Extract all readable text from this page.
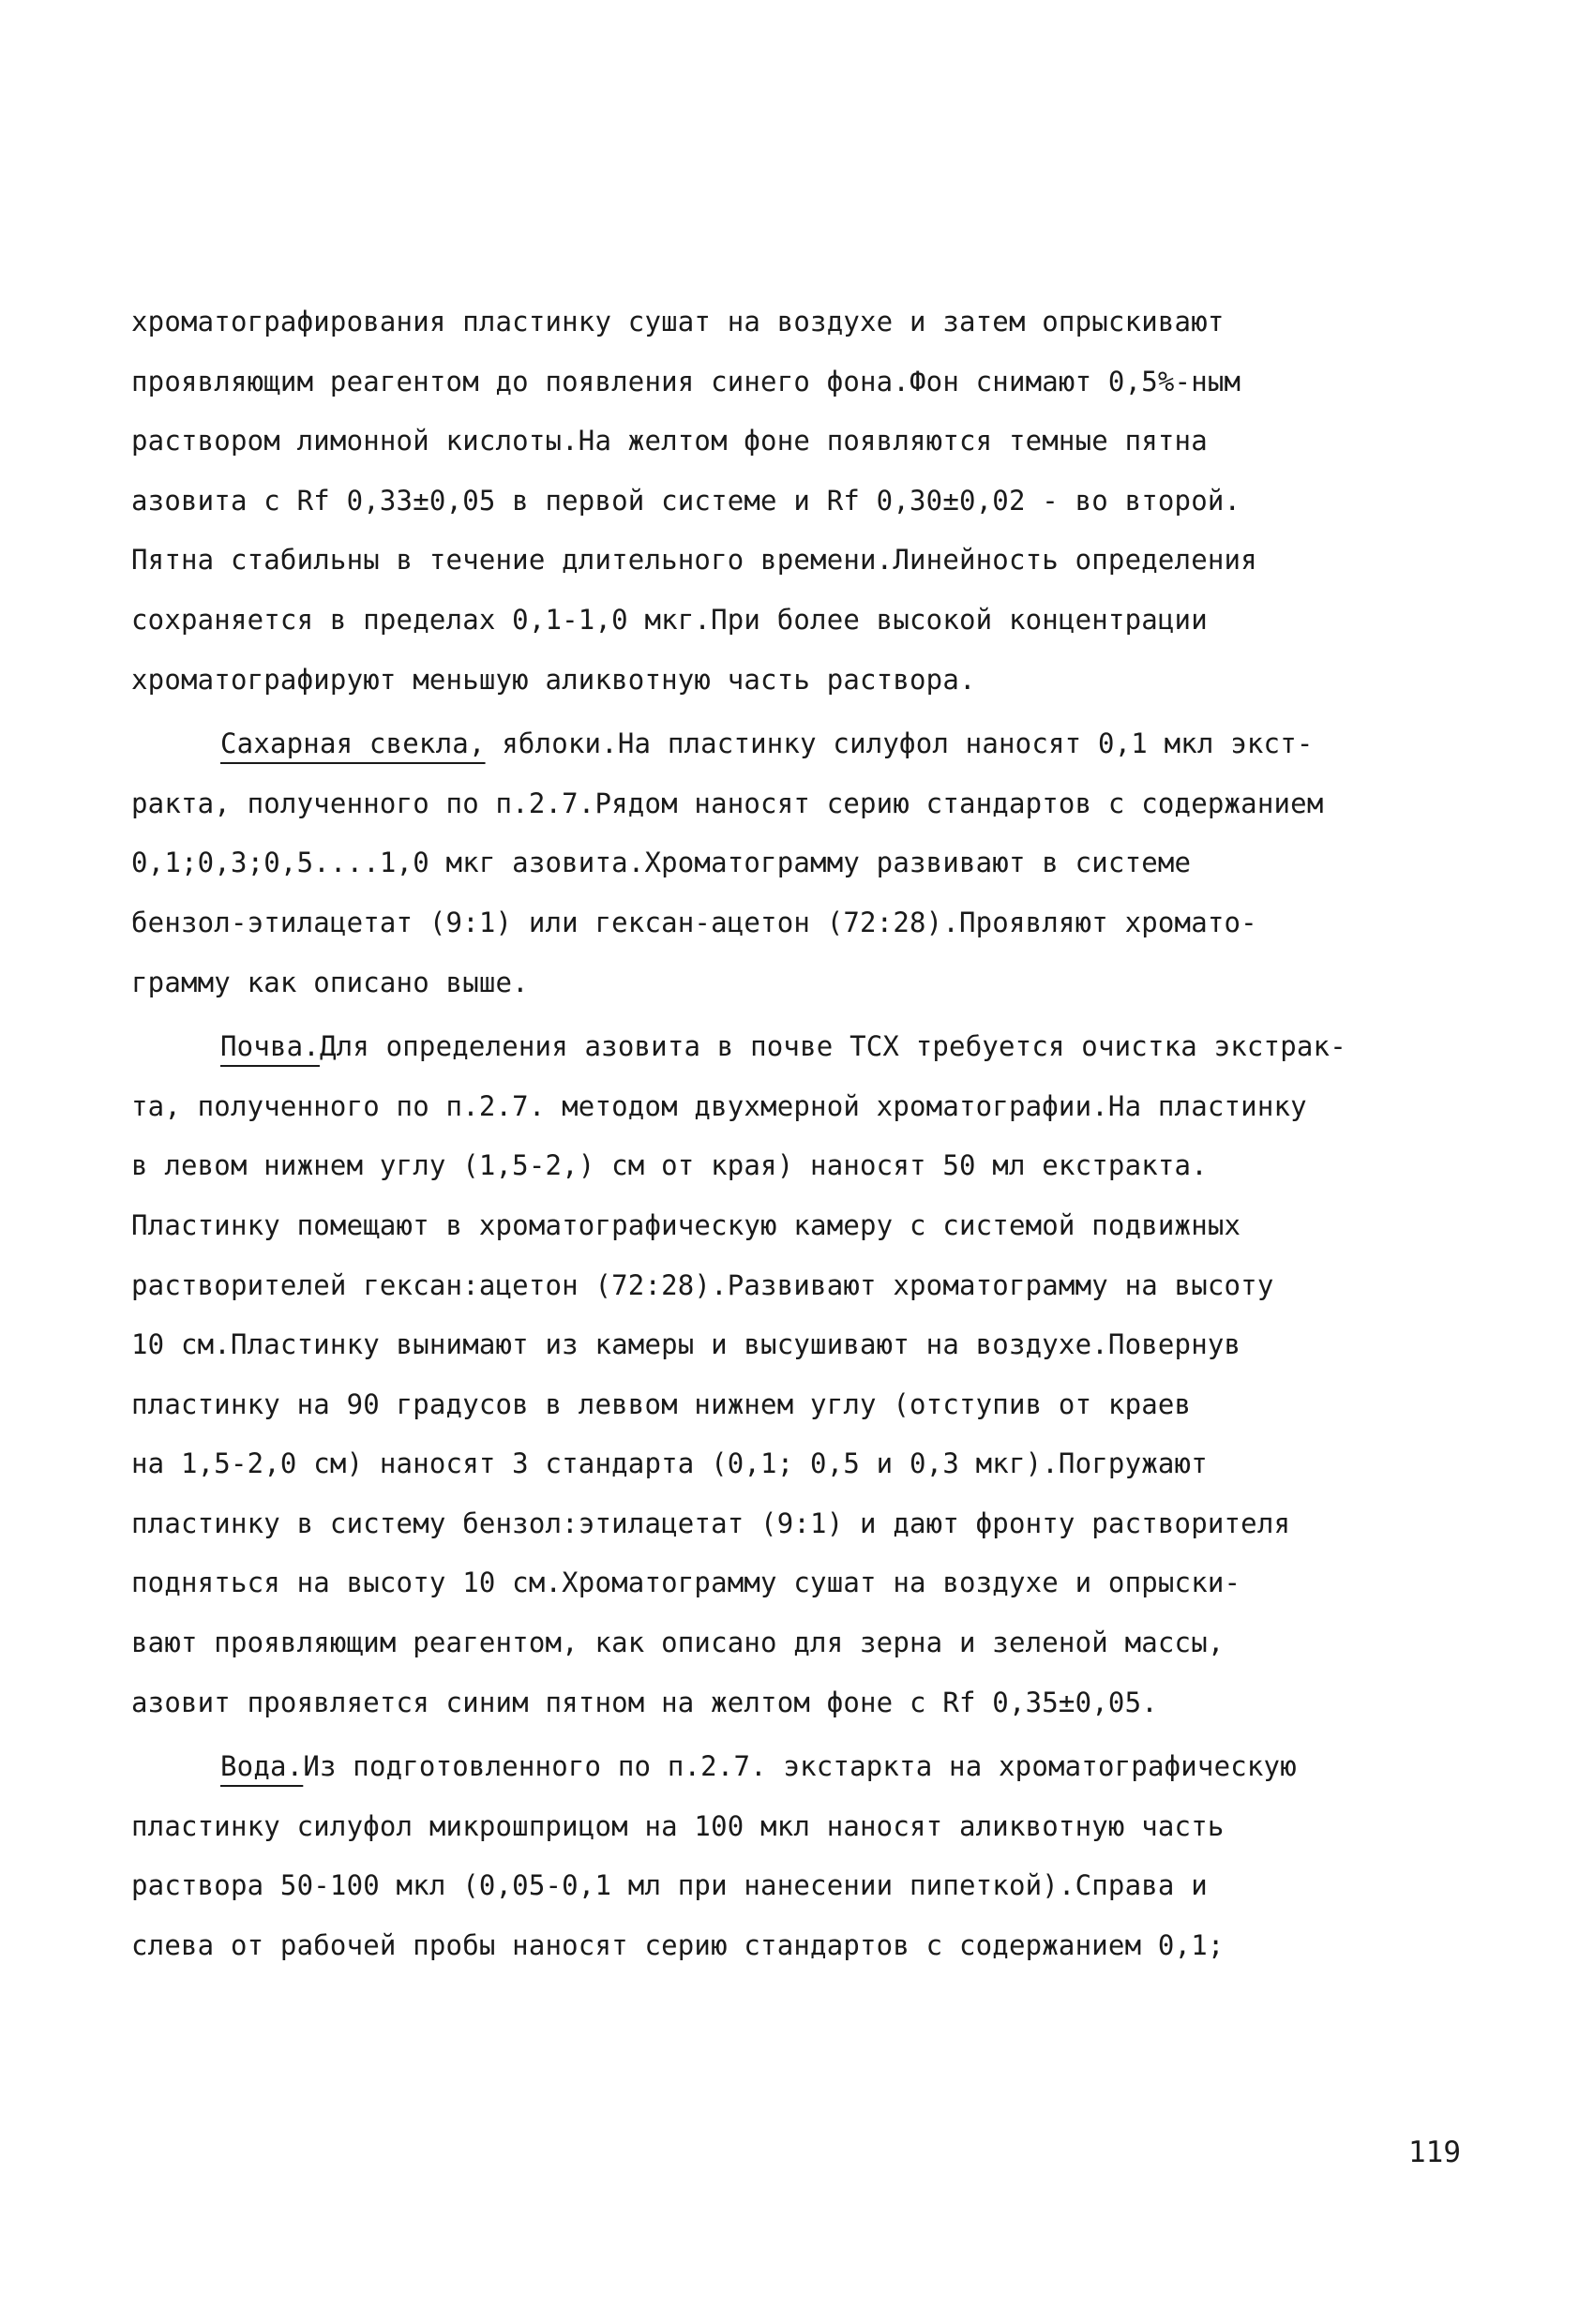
хроматографирования пластинку сушат на воздухе и затем опрыскивают
проявляющим реагентом до появления синего фона.Фон снимают 0,5%-ным
раствором лимонной кислоты.На желтом фоне появляются темные пятна
азовита с Rf 0,33±0,05 в первой системе и Rf 0,30±0,02 - во второй.
Пятна стабильны в течение длительного времени.Линейность определения
сохраняется в пределах 0,1-1,0 мкг.При более высокой концентрации
хроматографируют меньшую аликвотную часть раствора.
Сахарная свекла, яблоки.На пластинку силуфол наносят 0,1 мкл экст-
ракта, полученного по п.2.7.Рядом наносят серию стандартов с содержанием
0,1;0,3;0,5....1,0 мкг азовита.Хроматограмму развивают в системе
бензол-этилацетат (9:1) или гексан-ацетон (72:28).Проявляют хромато-
грамму как описано выше.
Почва.Для определения азовита в почве ТСХ требуется очистка экстрак-
та, полученного по п.2.7. методом двухмерной хроматографии.На пластинку
в левом нижнем углу (1,5-2,) см от края) наносят 50 мл екстракта.
Пластинку помещают в хроматографическую камеру с системой подвижных
растворителей гексан:ацетон (72:28).Развивают хроматограмму на высоту
10 см.Пластинку вынимают из камеры и высушивают на воздухе.Повернув
пластинку на 90 градусов в леввом нижнем углу (отступив от краев
на 1,5-2,0 см) наносят 3 стандарта (0,1; 0,5 и 0,3 мкг).Погружают
пластинку в систему бензол:этилацетат (9:1) и дают фронту растворителя
подняться на высоту 10 см.Хроматограмму сушат на воздухе и опрыски-
вают проявляющим реагентом, как описано для зерна и зеленой массы,
азовит проявляется синим пятном на желтом фоне с Rf 0,35±0,05.
Вода.Из подготовленного по п.2.7. экстаркта на хроматографическую
пластинку силуфол микрошприцом на 100 мкл наносят аликвотную часть
раствора 50-100 мкл (0,05-0,1 мл при нанесении пипеткой).Справа и
слева от рабочей пробы наносят серию стандартов с содержанием 0,1;
119
